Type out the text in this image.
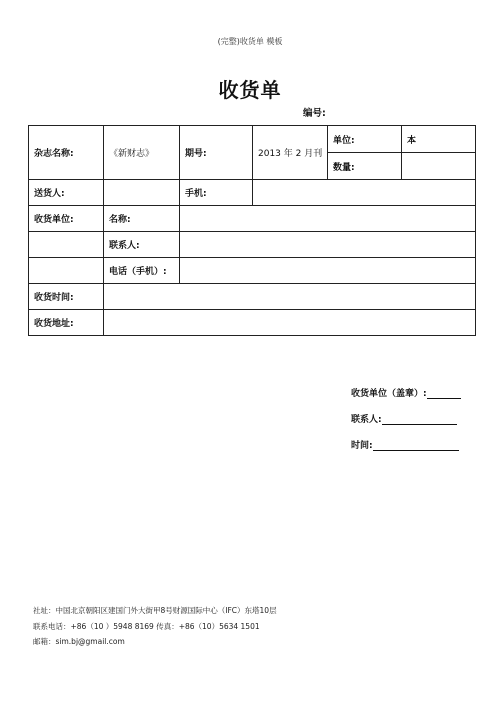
(完整)收货单 模板
收货单
编号:
杂志名称:	《新财志》	期号:	2013 年 2 月刊	单位:	本
				数量:	
送货人:		手机:			
收货单位:	名称:				
	联系人:				
	电话（手机）:				
收货时间:					
收货地址:					
收货单位（盖章）:
联系人:
时间:
社址：中国北京朝阳区建国门外大街甲8号财源国际中心（IFC）东塔10层
联系电话：+86（10 ）5948 8169 传真：+86（10）5634 1501
邮箱：sim.bj@gmail.com
